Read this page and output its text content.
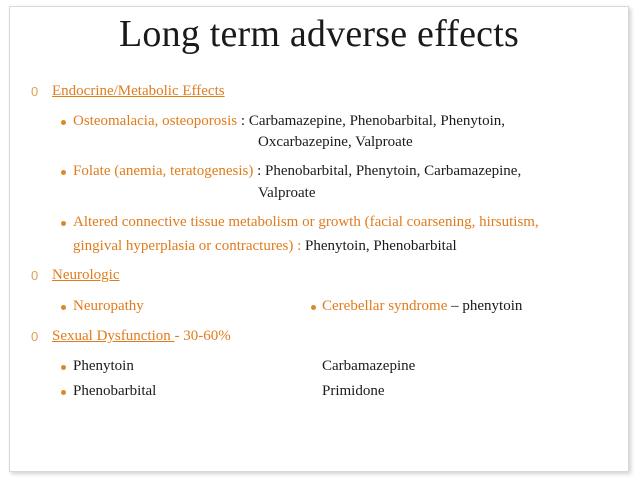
Long term adverse effects
0 Endocrine/Metabolic Effects
Osteomalacia, osteoporosis : Carbamazepine, Phenobarbital, Phenytoin,
Oxcarbazepine, Valproate
Folate (anemia, teratogenesis) : Phenobarbital, Phenytoin, Carbamazepine,
Valproate
Altered connective tissue metabolism or growth (facial coarsening, hirsutism,
gingival hyperplasia or contractures) : Phenytoin, Phenobarbital
0 Neurologic
Neuropathy	Cerebellar syndrome – phenytoin
0 Sexual Dysfunction - 30-60%
Phenytoin	Carbamazepine
Phenobarbital	Primidone
